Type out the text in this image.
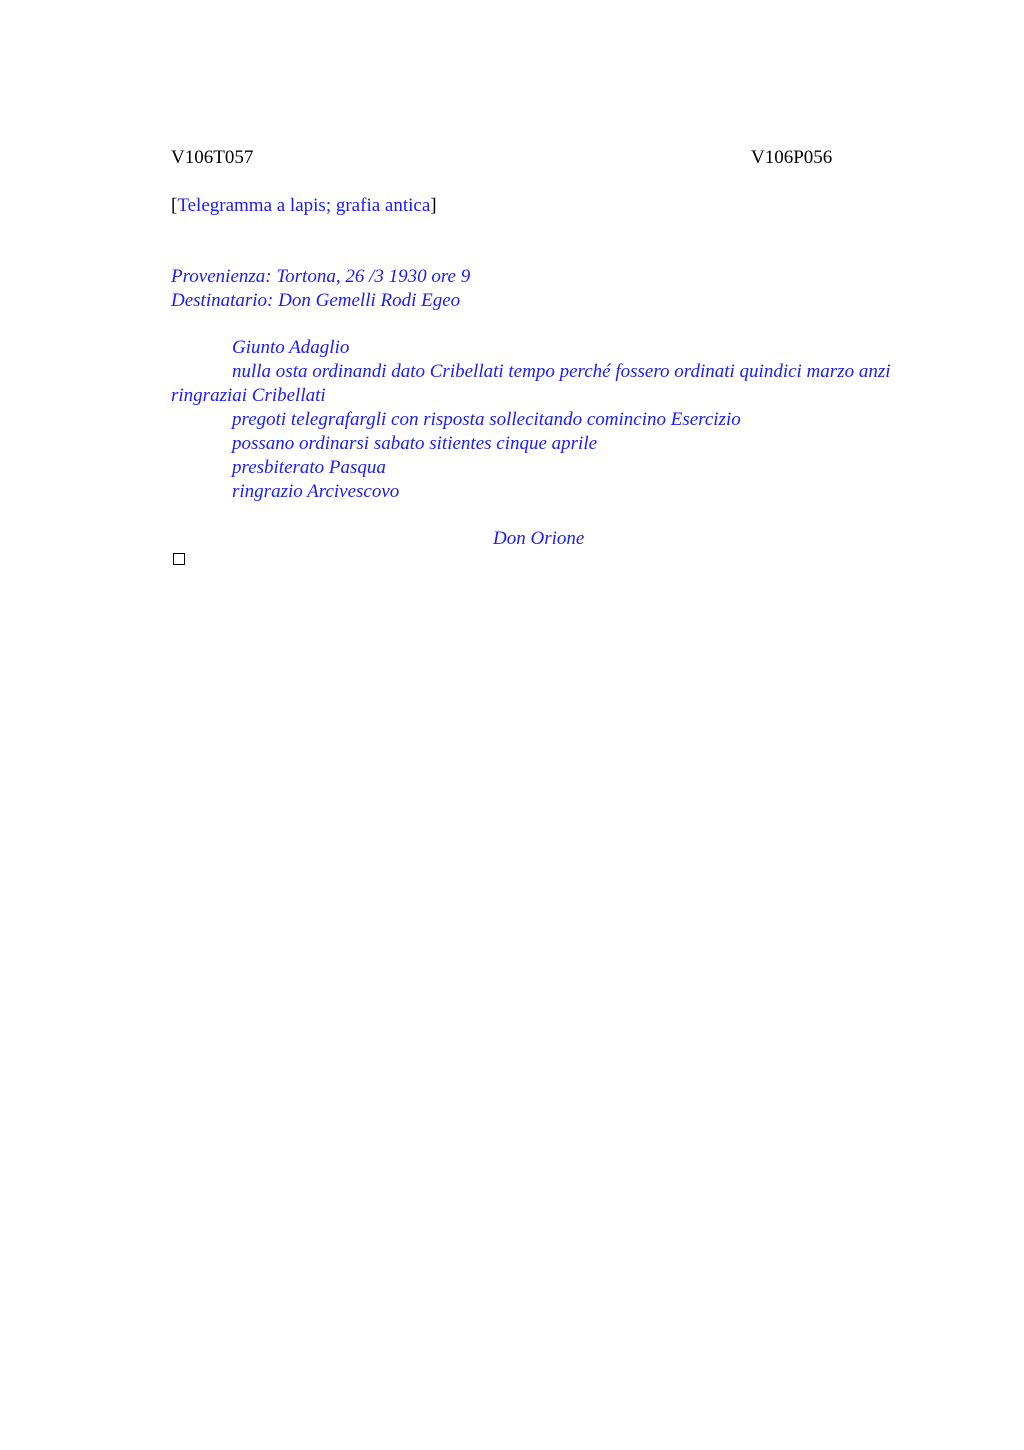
V106T057	V106P056
[Telegramma a lapis; grafia antica]
Provenienza: Tortona, 26 /3 1930 ore 9
Destinatario: Don Gemelli Rodi Egeo
Giunto Adaglio
nulla osta ordinandi dato Cribellati tempo perché fossero ordinati quindici marzo anzi ringraziai Cribellati
pregoti telegrafargli con risposta sollecitando comincino Esercizio
possano ordinarsi sabato sitientes cinque aprile
presbiterato Pasqua
ringrazio Arcivescovo
Don Orione
